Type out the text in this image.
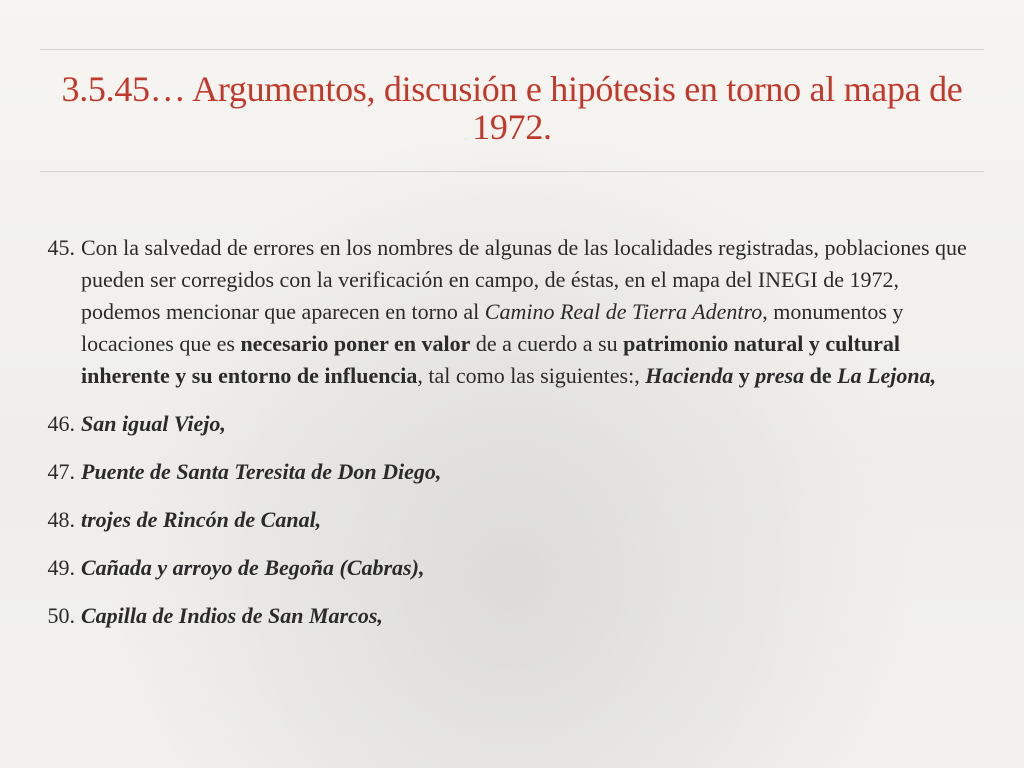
3.5.45… Argumentos, discusión e hipótesis en torno al mapa de 1972.
45. Con la salvedad de errores en los nombres de algunas de las localidades registradas, poblaciones que pueden ser corregidos con la verificación en campo, de éstas, en el mapa del INEGI de 1972, podemos mencionar que aparecen en torno al Camino Real de Tierra Adentro, monumentos y locaciones que es necesario poner en valor de a cuerdo a su patrimonio natural y cultural inherente y su entorno de influencia, tal como las siguientes:, Hacienda y presa de La Lejona,
46. San igual Viejo,
47. Puente de Santa Teresita de Don Diego,
48. trojes de Rincón de Canal,
49. Cañada y arroyo de Begoña (Cabras),
50. Capilla de Indios de San Marcos,
